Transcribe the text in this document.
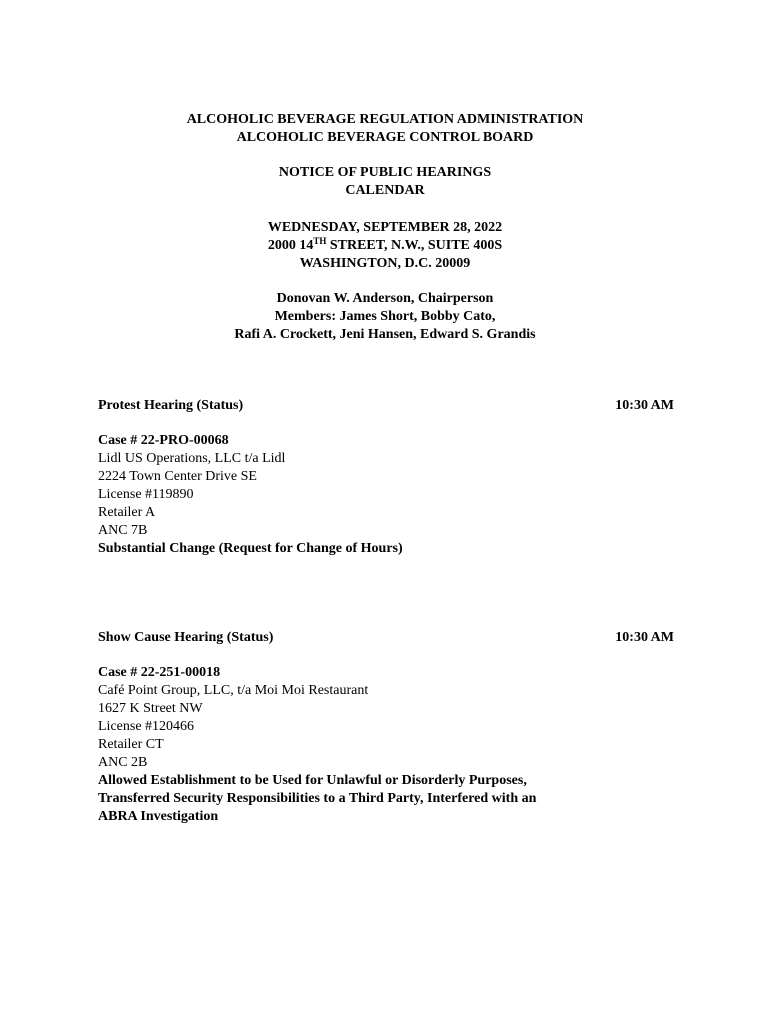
ALCOHOLIC BEVERAGE REGULATION ADMINISTRATION
ALCOHOLIC BEVERAGE CONTROL BOARD
NOTICE OF PUBLIC HEARINGS
CALENDAR
WEDNESDAY, SEPTEMBER 28, 2022
2000 14TH STREET, N.W., SUITE 400S
WASHINGTON, D.C. 20009
Donovan W. Anderson, Chairperson
Members: James Short, Bobby Cato,
Rafi A. Crockett, Jeni Hansen, Edward S. Grandis
Protest Hearing (Status)	10:30 AM
Case # 22-PRO-00068
Lidl US Operations, LLC t/a Lidl
2224 Town Center Drive SE
License #119890
Retailer A
ANC 7B
Substantial Change (Request for Change of Hours)
Show Cause Hearing (Status)	10:30 AM
Case # 22-251-00018
Café Point Group, LLC, t/a Moi Moi Restaurant
1627 K Street NW
License #120466
Retailer CT
ANC 2B
Allowed Establishment to be Used for Unlawful or Disorderly Purposes,
Transferred Security Responsibilities to a Third Party, Interfered with an
ABRA Investigation
